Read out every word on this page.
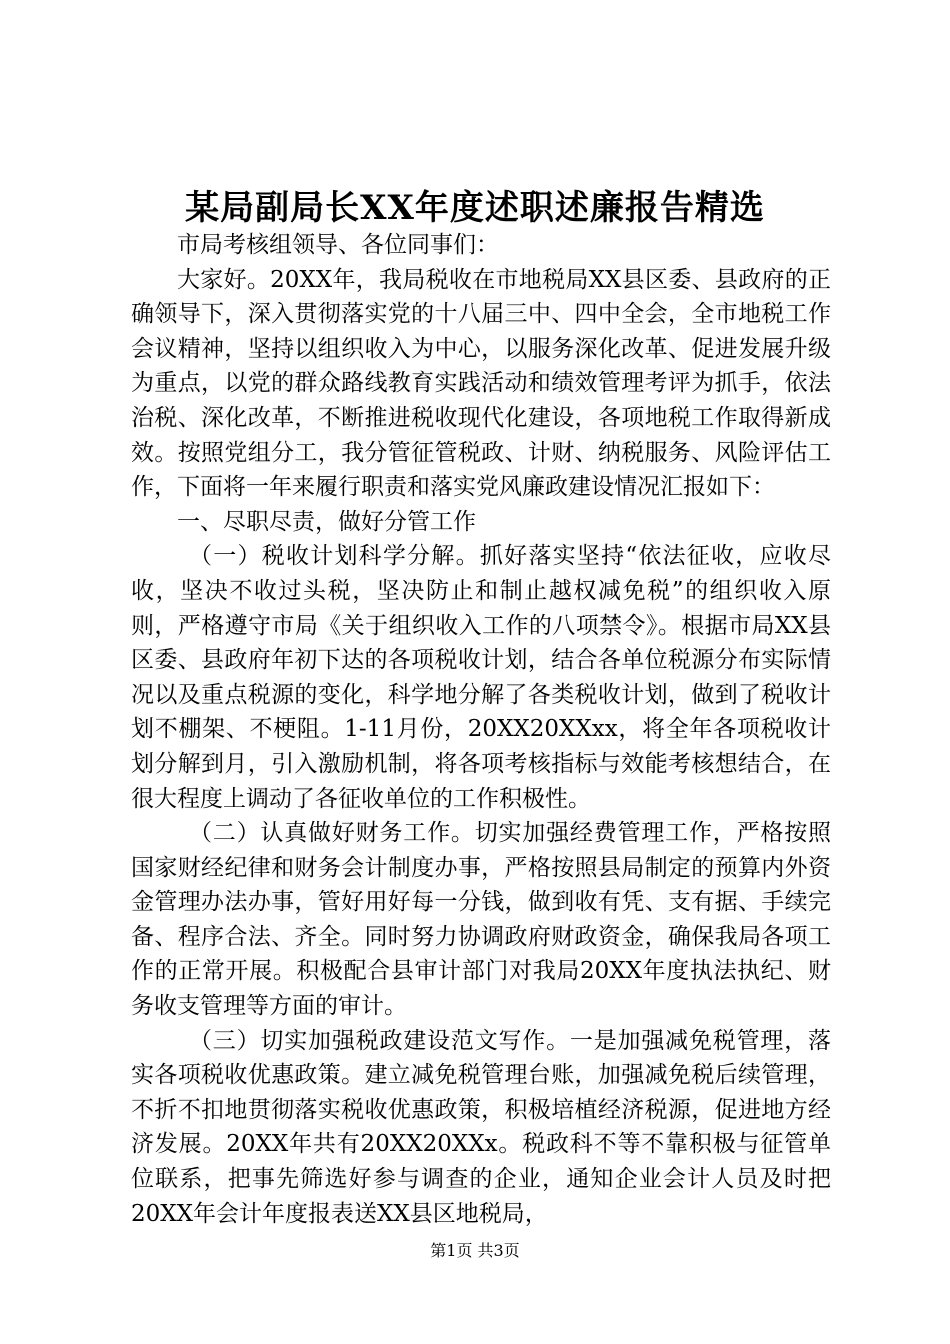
某局副局长XX年度述职述廉报告精选

市局考核组领导、各位同事们：

大家好。20XX年，我局税收在市地税局XX县区委、县政府的正确领导下，深入贯彻落实党的十八届三中、四中全会，全市地税工作会议精神，坚持以组织收入为中心，以服务深化改革、促进发展升级为重点，以党的群众路线教育实践活动和绩效管理考评为抓手，依法治税、深化改革，不断推进税收现代化建设，各项地税工作取得新成效。按照党组分工，我分管征管税政、计财、纳税服务、风险评估工作，下面将一年来履行职责和落实党风廉政建设情况汇报如下：

一、尽职尽责，做好分管工作

（一）税收计划科学分解。抓好落实坚持“依法征收，应收尽收，坚决不收过头税，坚决防止和制止越权减免税”的组织收入原则，严格遵守市局《关于组织收入工作的八项禁令》。根据市局XX县区委、县政府年初下达的各项税收计划，结合各单位税源分布实际情况以及重点税源的变化，科学地分解了各类税收计划，做到了税收计划不棚架、不梗阻。1-11月份，20XX20XXxx，将全年各项税收计划分解到月，引入激励机制，将各项考核指标与效能考核想结合，在很大程度上调动了各征收单位的工作积极性。

（二）认真做好财务工作。切实加强经费管理工作，严格按照国家财经纪律和财务会计制度办事，严格按照县局制定的预算内外资金管理办法办事，管好用好每一分钱，做到收有凭、支有据、手续完备、程序合法、齐全。同时努力协调政府财政资金，确保我局各项工作的正常开展。积极配合县审计部门对我局20XX年度执法执纪、财务收支管理等方面的审计。

（三）切实加强税政建设范文写作。一是加强减免税管理，落实各项税收优惠政策。建立减免税管理台账，加强减免税后续管理，不折不扣地贯彻落实税收优惠政策，积极培植经济税源，促进地方经济发展。20XX年共有20XX20XXx。税政科不等不靠积极与征管单位联系，把事先筛选好参与调查的企业，通知企业会计人员及时把20XX年会计年度报表送XX县区地税局，

第1页 共3页
